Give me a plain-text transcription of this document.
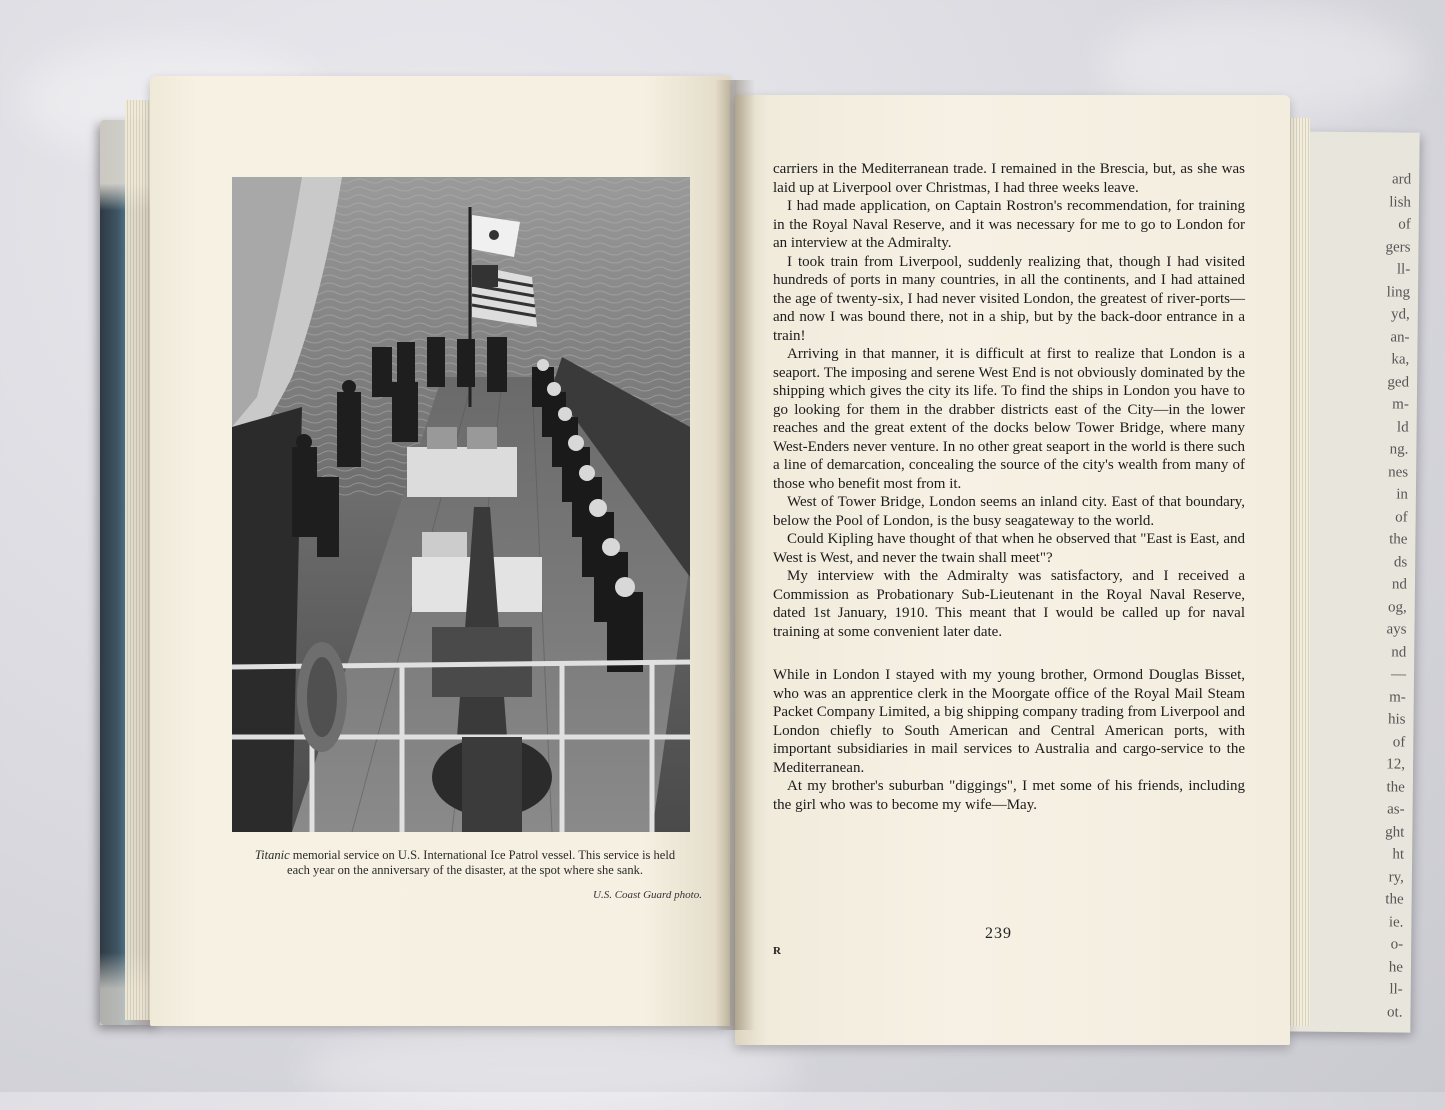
ard
lish
of
gers
ll-
ling
yd,
an-
ka,
ged
m-
ld
ng.
nes
in
of
the
ds
nd
og,
ays
nd
—
m-
his
of
12,
the
as-
ght
ht
ry,
the
ie.
o-
he
ll-
ot.
Titanic memorial service on U.S. International Ice Patrol vessel. This service is held each year on the anniversary of the disaster, at the spot where she sank.
U.S. Coast Guard photo.

carriers in the Mediterranean trade. I remained in the Brescia, but, as she was laid up at Liverpool over Christmas, I had three weeks leave.

I had made application, on Captain Rostron's recommendation, for training in the Royal Naval Reserve, and it was necessary for me to go to London for an interview at the Admiralty.

I took train from Liverpool, suddenly realizing that, though I had visited hundreds of ports in many countries, in all the continents, and I had attained the age of twenty-six, I had never visited London, the greatest of river-ports—and now I was bound there, not in a ship, but by the back-door entrance in a train!

Arriving in that manner, it is difficult at first to realize that London is a seaport. The imposing and serene West End is not obviously dominated by the shipping which gives the city its life. To find the ships in London you have to go looking for them in the drabber districts east of the City—in the lower reaches and the great extent of the docks below Tower Bridge, where many West-Enders never venture. In no other great seaport in the world is there such a line of demarcation, concealing the source of the city's wealth from many of those who benefit most from it.

West of Tower Bridge, London seems an inland city. East of that boundary, below the Pool of London, is the busy seagateway to the world.

Could Kipling have thought of that when he observed that "East is East, and West is West, and never the twain shall meet"?

My interview with the Admiralty was satisfactory, and I received a Commission as Probationary Sub-Lieutenant in the Royal Naval Reserve, dated 1st January, 1910. This meant that I would be called up for naval training at some convenient later date.

While in London I stayed with my young brother, Ormond Douglas Bisset, who was an apprentice clerk in the Moorgate office of the Royal Mail Steam Packet Company Limited, a big shipping company trading from Liverpool and London chiefly to South American and Central American ports, with important subsidiaries in mail services to Australia and cargo-service to the Mediterranean.

At my brother's suburban "diggings", I met some of his friends, including the girl who was to become my wife—May.

239
R
